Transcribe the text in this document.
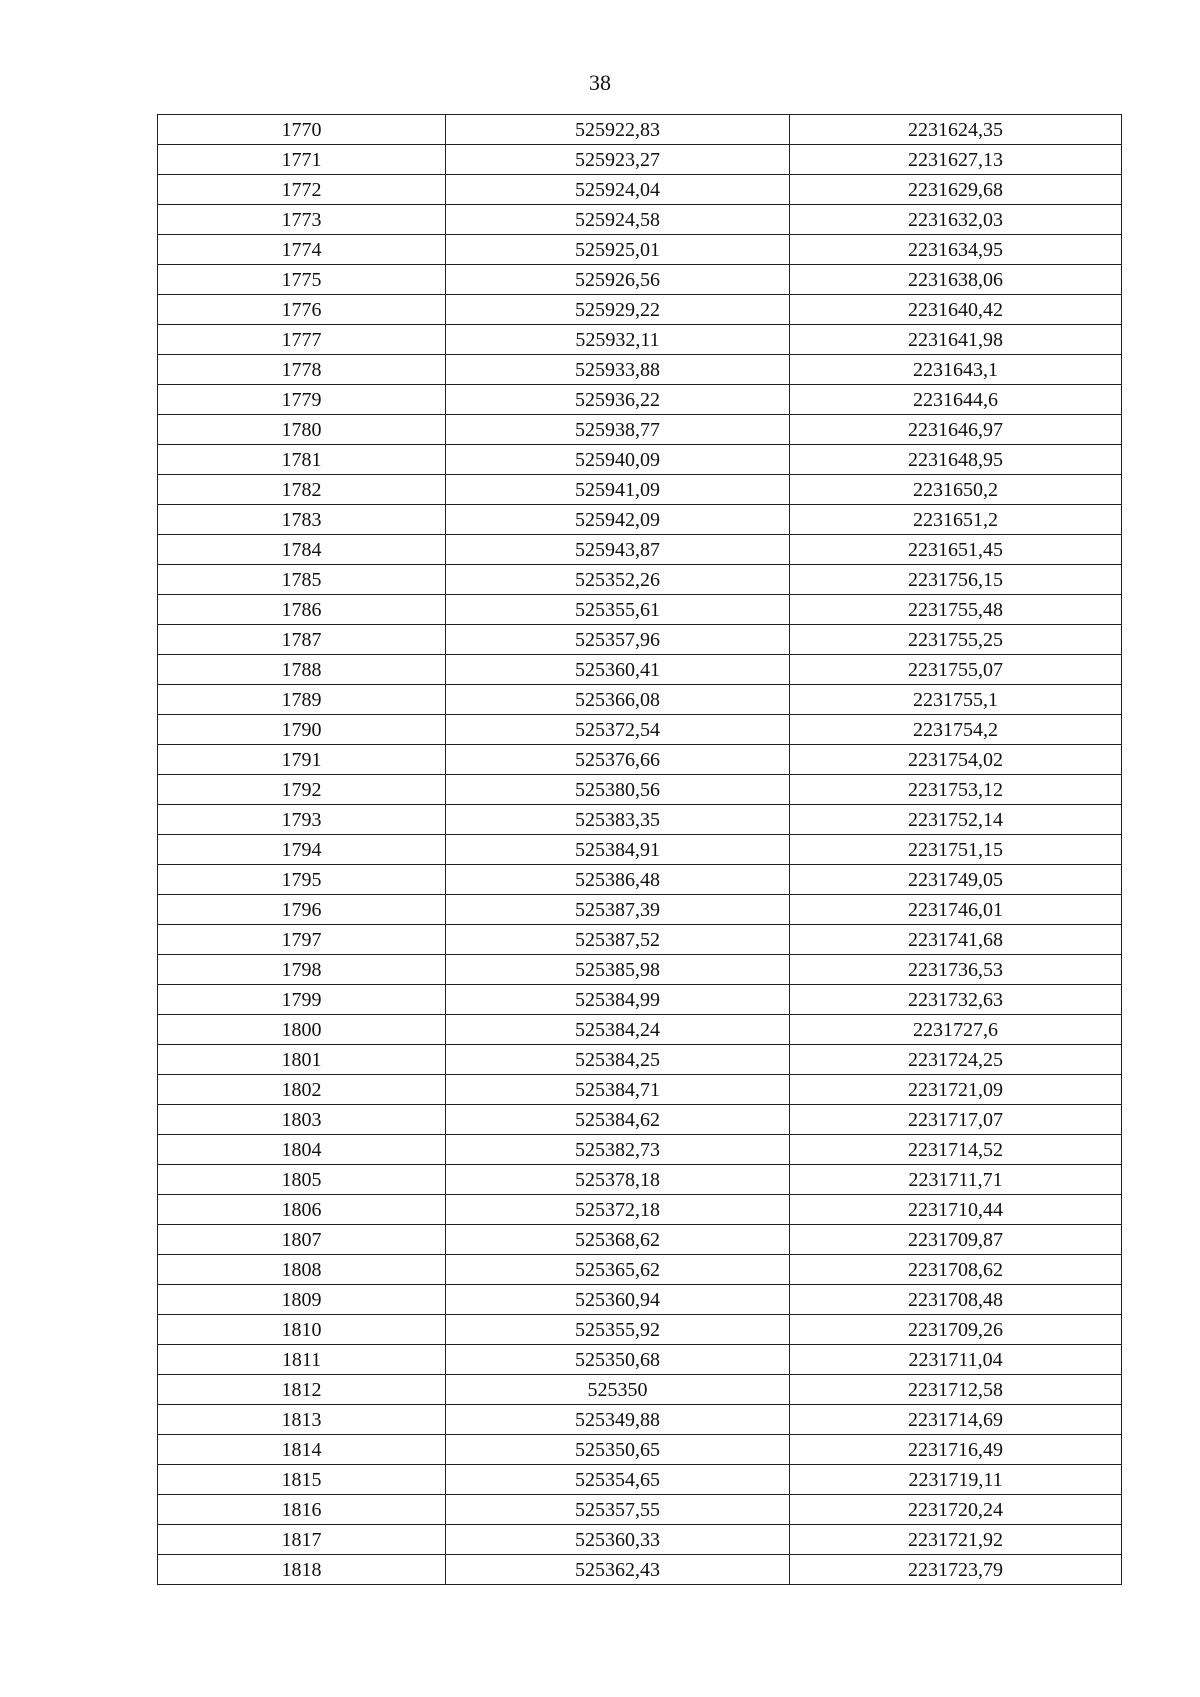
38
1770	525922,83	2231624,35
1771	525923,27	2231627,13
1772	525924,04	2231629,68
1773	525924,58	2231632,03
1774	525925,01	2231634,95
1775	525926,56	2231638,06
1776	525929,22	2231640,42
1777	525932,11	2231641,98
1778	525933,88	2231643,1
1779	525936,22	2231644,6
1780	525938,77	2231646,97
1781	525940,09	2231648,95
1782	525941,09	2231650,2
1783	525942,09	2231651,2
1784	525943,87	2231651,45
1785	525352,26	2231756,15
1786	525355,61	2231755,48
1787	525357,96	2231755,25
1788	525360,41	2231755,07
1789	525366,08	2231755,1
1790	525372,54	2231754,2
1791	525376,66	2231754,02
1792	525380,56	2231753,12
1793	525383,35	2231752,14
1794	525384,91	2231751,15
1795	525386,48	2231749,05
1796	525387,39	2231746,01
1797	525387,52	2231741,68
1798	525385,98	2231736,53
1799	525384,99	2231732,63
1800	525384,24	2231727,6
1801	525384,25	2231724,25
1802	525384,71	2231721,09
1803	525384,62	2231717,07
1804	525382,73	2231714,52
1805	525378,18	2231711,71
1806	525372,18	2231710,44
1807	525368,62	2231709,87
1808	525365,62	2231708,62
1809	525360,94	2231708,48
1810	525355,92	2231709,26
1811	525350,68	2231711,04
1812	525350	2231712,58
1813	525349,88	2231714,69
1814	525350,65	2231716,49
1815	525354,65	2231719,11
1816	525357,55	2231720,24
1817	525360,33	2231721,92
1818	525362,43	2231723,79
